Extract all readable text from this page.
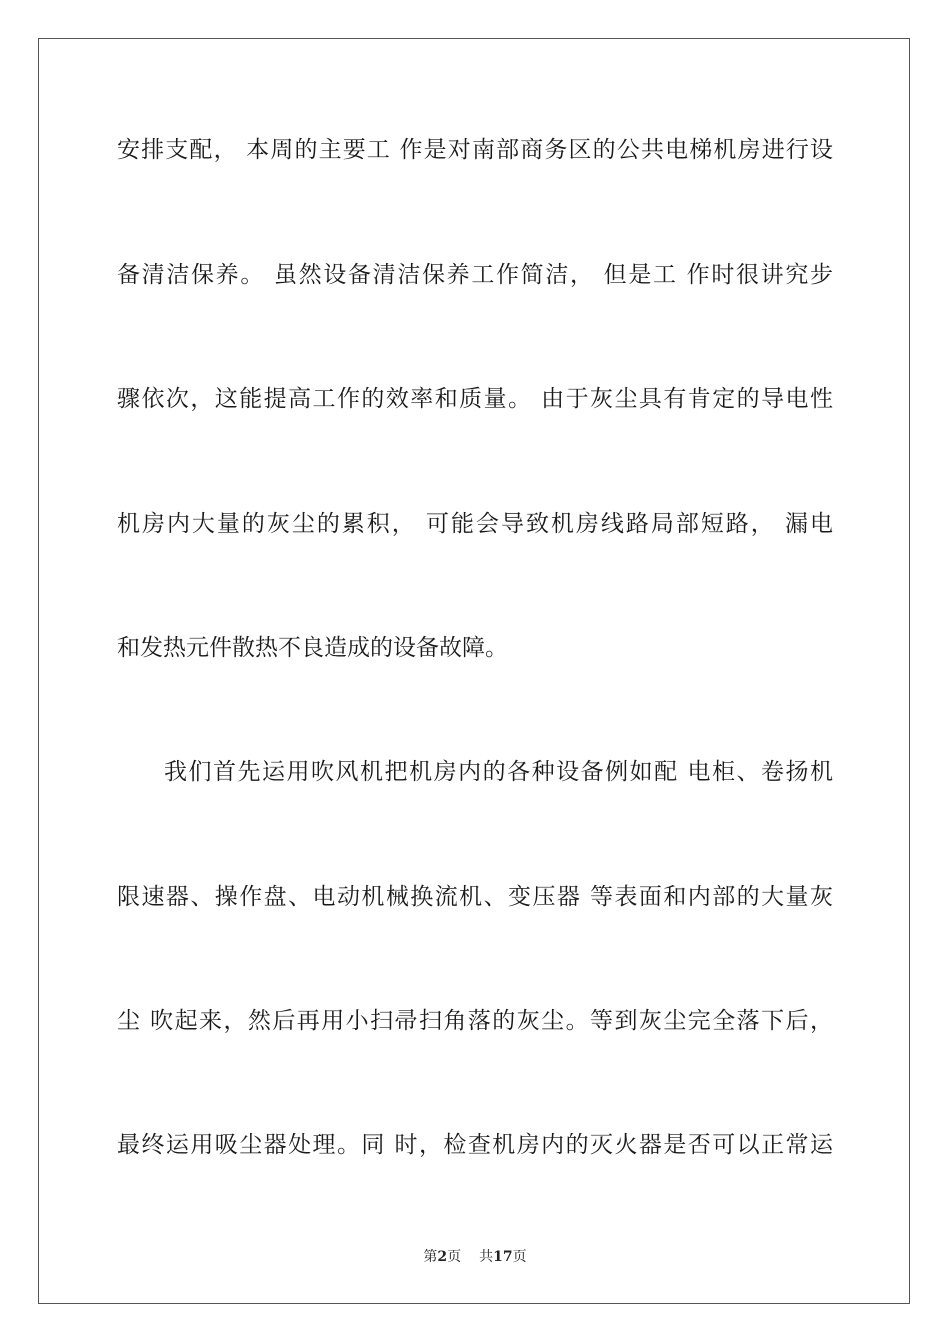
安排支配， 本周的主要工 作是对南部商务区的公共电梯机房进行设
备清洁保养。 虽然设备清洁保养工作简洁， 但是工 作时很讲究步
骤依次，这能提高工作的效率和质量。 由于灰尘具有肯定的导电性
机房内大量的灰尘的累积， 可能会导致机房线路局部短路， 漏电
和发热元件散热不良造成的设备故障。
我们首先运用吹风机把机房内的各种设备例如配 电柜、卷扬机
限速器、操作盘、电动机械换流机、变压器 等表面和内部的大量灰
尘 吹起来，然后再用小扫帚扫角落的灰尘。等到灰尘完全落下后，
最终运用吸尘器处理。同 时，检查机房内的灭火器是否可以正常运
第2页 共17页
